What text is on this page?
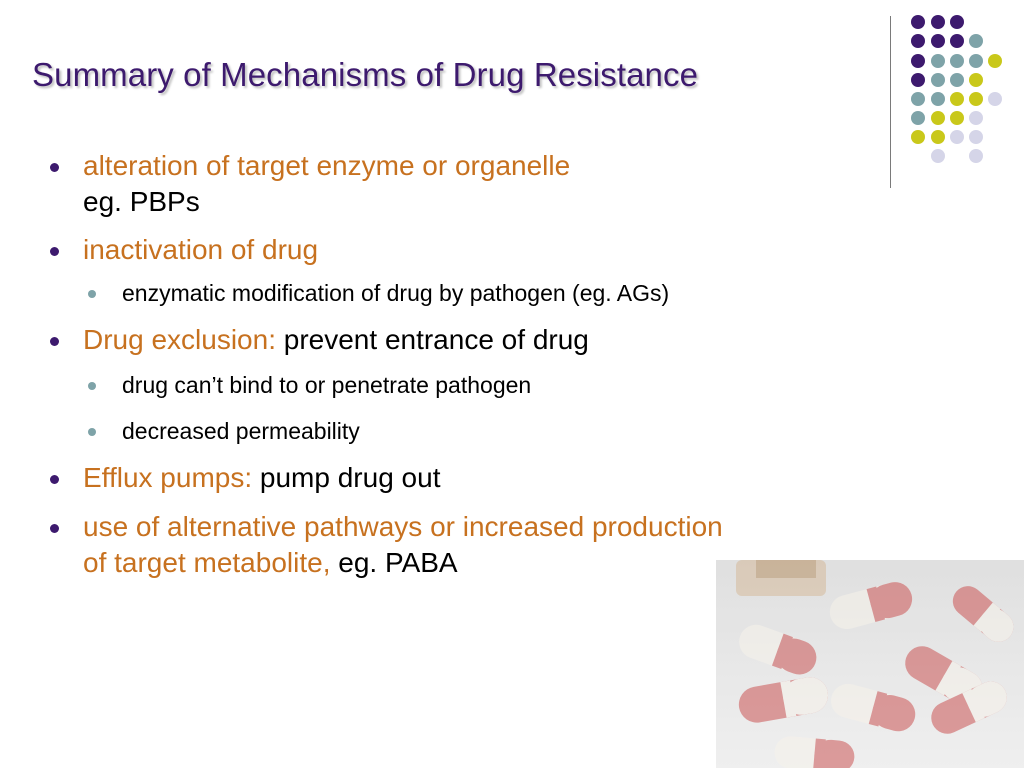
Summary of Mechanisms of Drug Resistance
alteration of target enzyme or organelle
eg. PBPs
inactivation of drug
enzymatic modification of drug by pathogen (eg. AGs)
Drug exclusion: prevent entrance of drug
drug can’t bind to or penetrate pathogen
decreased permeability
Efflux pumps: pump drug out
use of alternative pathways or increased production
of target metabolite, eg. PABA
